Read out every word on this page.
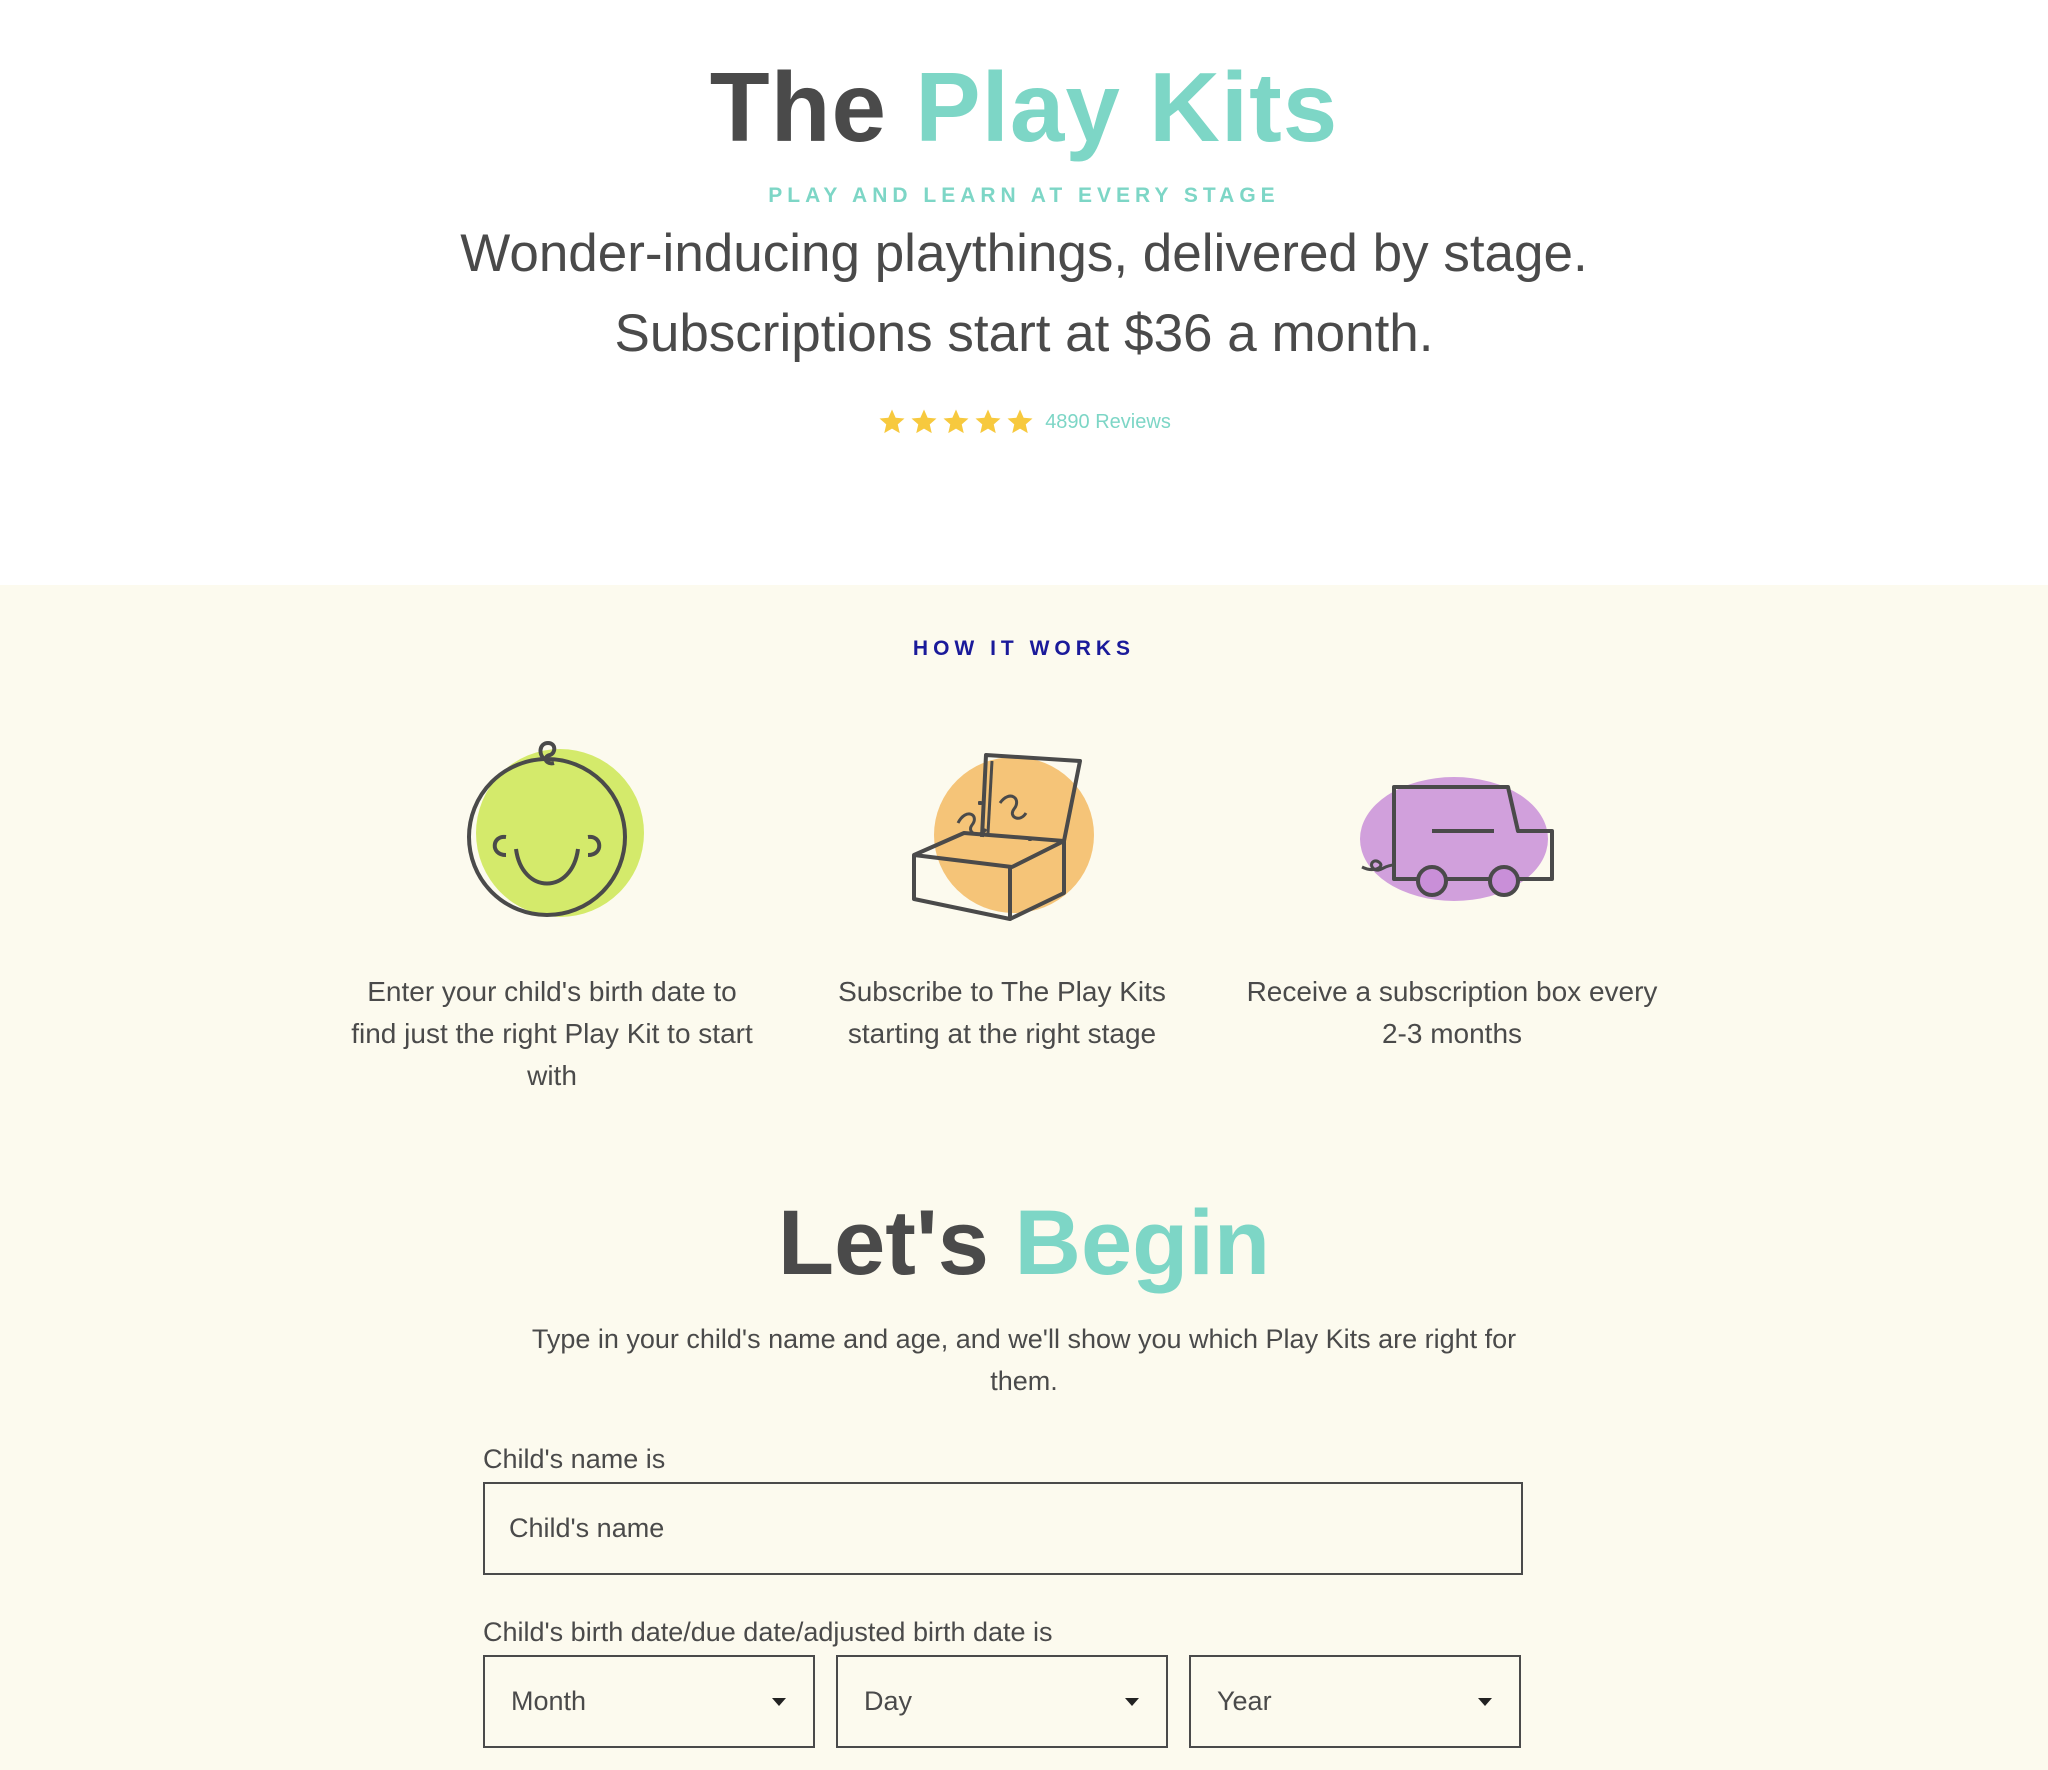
The Play Kits
PLAY AND LEARN AT EVERY STAGE
Wonder-inducing playthings, delivered by stage.
Subscriptions start at $36 a month.
4890 Reviews
HOW IT WORKS
Enter your child's birth date to find just the right Play Kit to start with
Subscribe to The Play Kits starting at the right stage
Receive a subscription box every 2-3 months
Let's Begin
Type in your child's name and age, and we'll show you which Play Kits are right for them.
Child's name is
Child's name
Child's birth date/due date/adjusted birth date is
Month	Day	Year
